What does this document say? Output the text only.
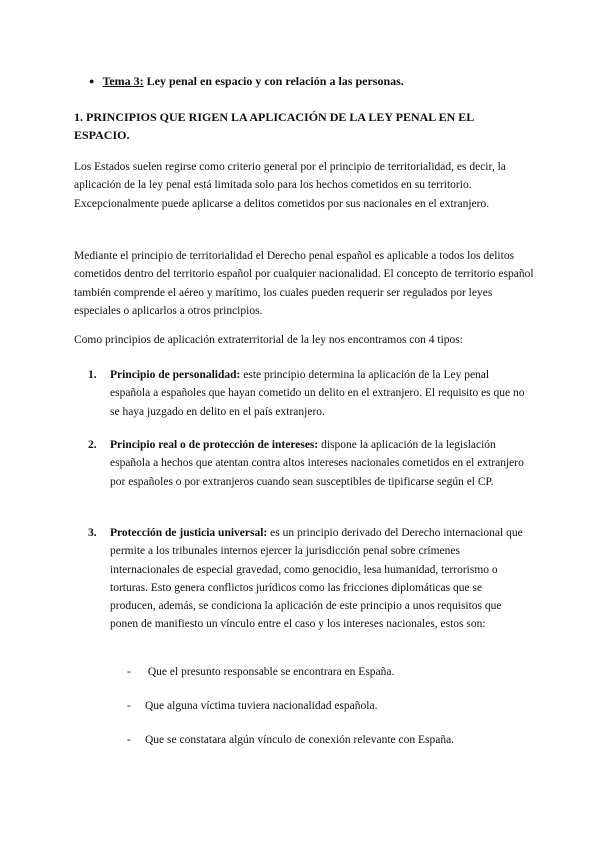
● Tema 3: Ley penal en espacio y con relación a las personas.
1. PRINCIPIOS QUE RIGEN LA APLICACIÓN DE LA LEY PENAL EN EL ESPACIO.

Los Estados suelen regirse como criterio general por el principio de territorialidad, es decir, la aplicación de la ley penal está limitada solo para los hechos cometidos en su territorio. Excepcionalmente puede aplicarse a delitos cometidos por sus nacionales en el extranjero.

Mediante el principio de territorialidad el Derecho penal español es aplicable a todos los delitos cometidos dentro del territorio español por cualquier nacionalidad. El concepto de territorio español también comprende el aéreo y marítimo, los cuales pueden requerir ser regulados por leyes especiales o aplicarlos a otros principios.

Como principios de aplicación extraterritorial de la ley nos encontramos con 4 tipos:

1. Principio de personalidad: este principio determina la aplicación de la Ley penal española a españoles que hayan cometido un delito en el extranjero. El requisito es que no se haya juzgado en delito en el país extranjero.
2. Principio real o de protección de intereses: dispone la aplicación de la legislación española a hechos que atentan contra altos intereses nacionales cometidos en el extranjero por españoles o por extranjeros cuando sean susceptibles de tipificarse según el CP.
3. Protección de justicia universal: es un principio derivado del Derecho internacional que permite a los tribunales internos ejercer la jurisdicción penal sobre crímenes internacionales de especial gravedad, como genocidio, lesa humanidad, terrorismo o torturas. Esto genera conflictos jurídicos como las fricciones diplomáticas que se producen, además, se condiciona la aplicación de este principio a unos requisitos que ponen de manifiesto un vínculo entre el caso y los intereses nacionales, estos son:
- Que el presunto responsable se encontrara en España.
- Que alguna víctima tuviera nacionalidad española.
- Que se constatara algún vínculo de conexión relevante con España.
